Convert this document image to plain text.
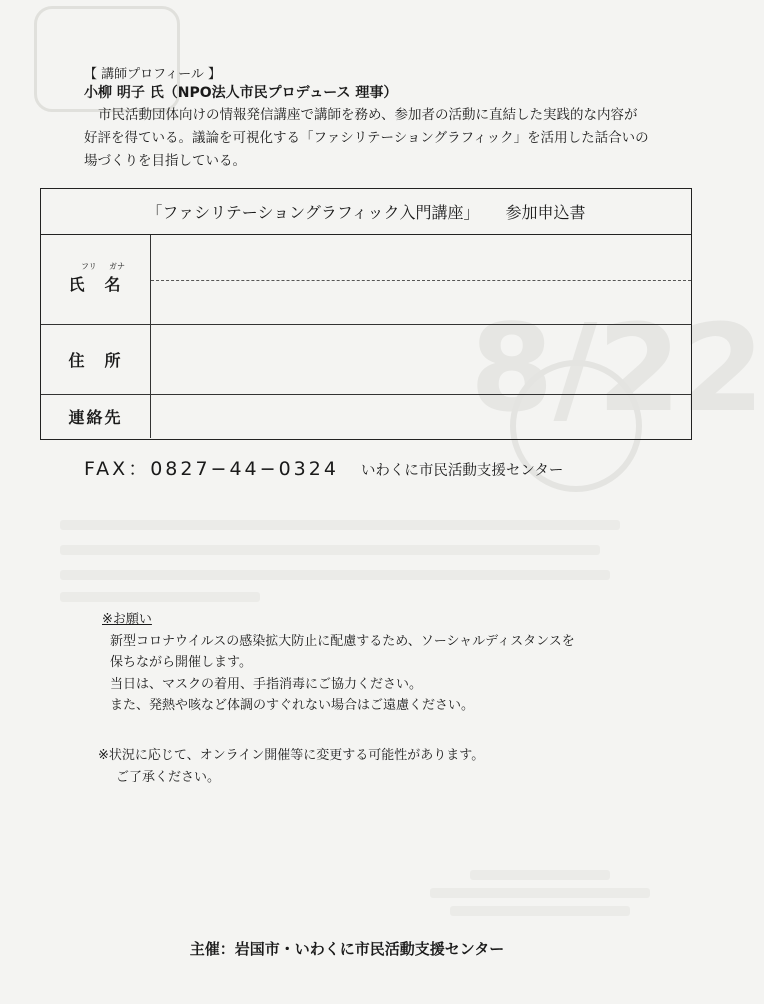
8/22
【 講師プロフィール 】
小柳 明子 氏（NPO法人市民プロデュース 理事）

市民活動団体向けの情報発信講座で講師を務め、参加者の活動に直結した実践的な内容が好評を得ている。議論を可視化する「ファシリテーショングラフィック」を活用した話合いの場づくりを目指している。

「ファシリテーショングラフィック入門講座」 参加申込書
フリ ガナ
氏　名
住　所
連絡先
FAX：0827−44−0324 いわくに市民活動支援センター
※お願い
新型コロナウイルスの感染拡大防止に配慮するため、ソーシャルディスタンスを
保ちながら開催します。
当日は、マスクの着用、手指消毒にご協力ください。
また、発熱や咳など体調のすぐれない場合はご遠慮ください。
※状況に応じて、オンライン開催等に変更する可能性があります。
ご了承ください。
主催：岩国市・いわくに市民活動支援センター
